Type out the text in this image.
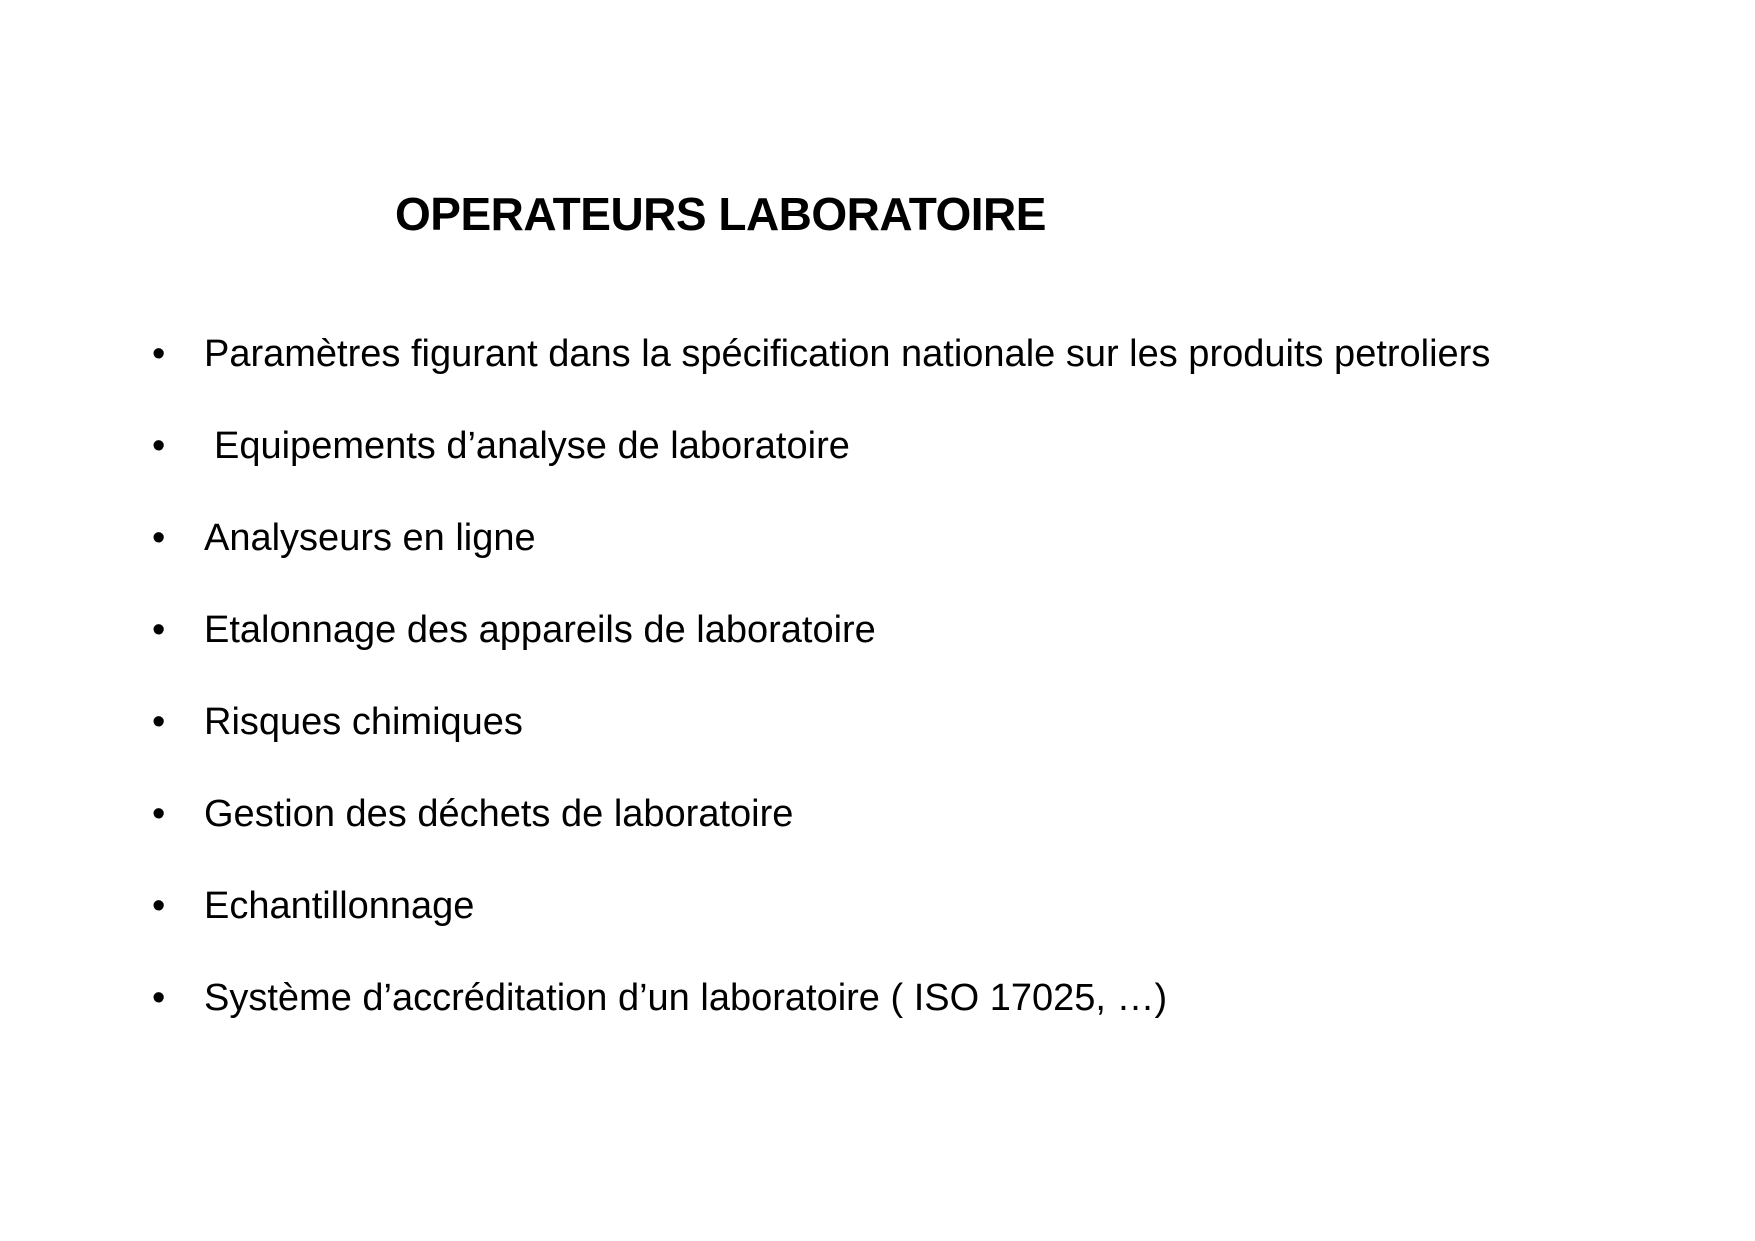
OPERATEURS LABORATOIRE
•	Paramètres figurant dans la spécification nationale sur les produits petroliers
•	Equipements d’analyse de laboratoire
•	Analyseurs en ligne
•	Etalonnage des appareils de laboratoire
•	Risques chimiques
•	Gestion des déchets de laboratoire
•	Echantillonnage
•	Système d’accréditation d’un laboratoire ( ISO 17025, …)
